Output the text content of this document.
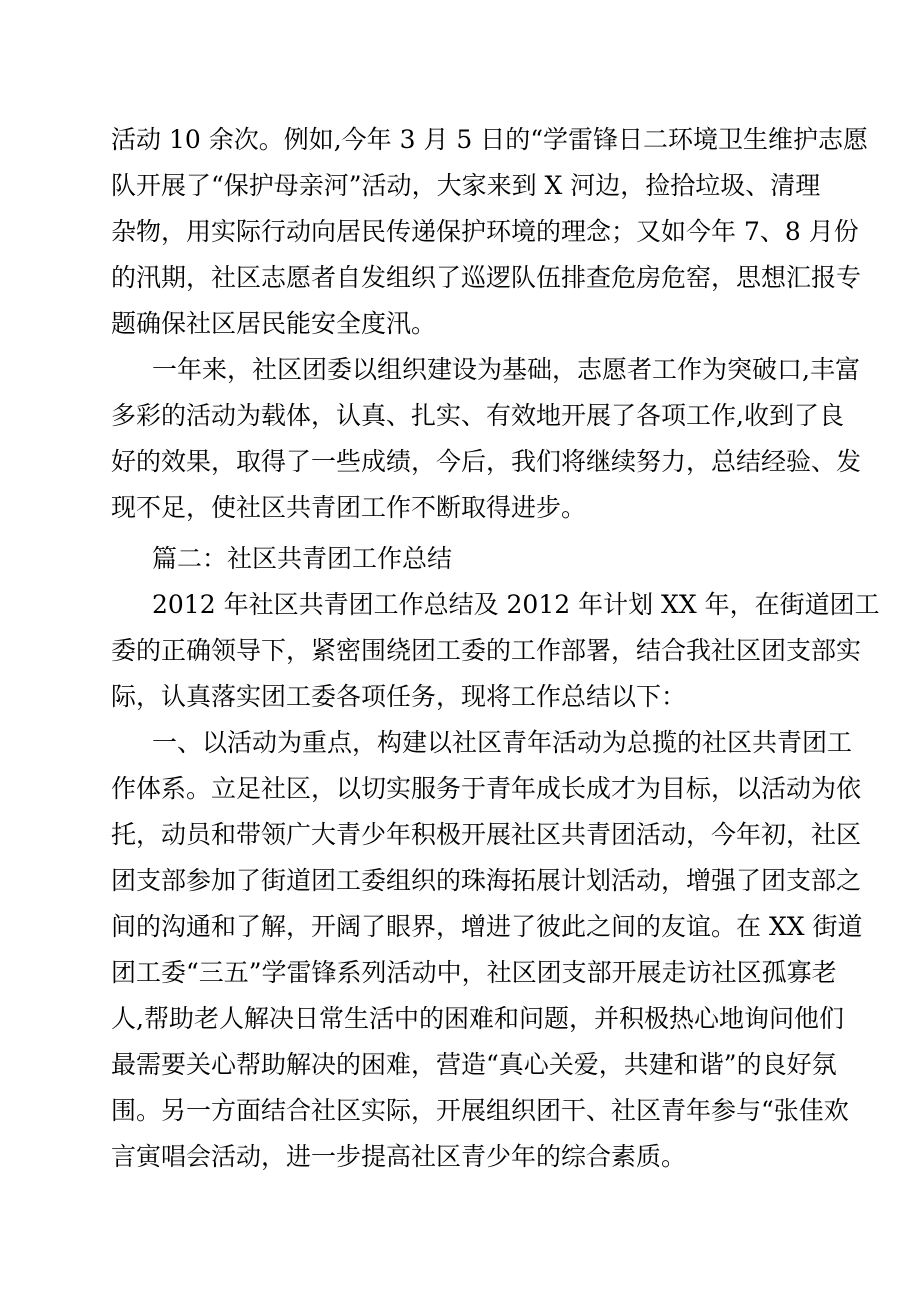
活动 10 余次。例如,今年 3 月 5 日的“学雷锋日二环境卫生维护志愿
队开展了“保护母亲河”活动，大家来到 X 河边，捡拾垃圾、清理
杂物，用实际行动向居民传递保护环境的理念；又如今年 7、8 月份
的汛期，社区志愿者自发组织了巡逻队伍排查危房危窑，思想汇报专
题确保社区居民能安全度汛。
一年来，社区团委以组织建设为基础，志愿者工作为突破口,丰富
多彩的活动为载体，认真、扎实、有效地开展了各项工作,收到了良
好的效果，取得了一些成绩，今后，我们将继续努力，总结经验、发
现不足，使社区共青团工作不断取得进步。
篇二：社区共青团工作总结
2012 年社区共青团工作总结及 2012 年计划 XX 年，在街道团工
委的正确领导下，紧密围绕团工委的工作部署，结合我社区团支部实
际，认真落实团工委各项任务，现将工作总结以下：
一、以活动为重点，构建以社区青年活动为总揽的社区共青团工
作体系。立足社区，以切实服务于青年成长成才为目标，以活动为依
托，动员和带领广大青少年积极开展社区共青团活动，今年初，社区
团支部参加了街道团工委组织的珠海拓展计划活动，增强了团支部之
间的沟通和了解，开阔了眼界，增进了彼此之间的友谊。在 XX 街道
团工委“三五”学雷锋系列活动中，社区团支部开展走访社区孤寡老
人,帮助老人解决日常生活中的困难和问题，并积极热心地询问他们
最需要关心帮助解决的困难，营造“真心关爱，共建和谐”的良好氛
围。另一方面结合社区实际，开展组织团干、社区青年参与“张佳欢
言寅唱会活动，进一步提高社区青少年的综合素质。
